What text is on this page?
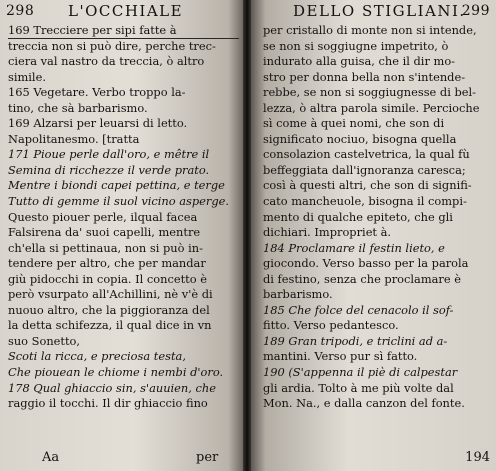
298 L'OCCHIALE
169 Trecciere per sipi fatte à
treccia non si può dire, perche trec-
ciera val nastro da treccia, ò altro
simile.
165 Vegetare. Verbo troppo la-
tino, che sà barbarismo.
169 Alzarsi per leuarsi di letto.
Napolitanesmo. [tratta
171 Pioue perle dall'oro, e mêtre il
Semina di ricchezze il verde prato.
Mentre i biondi capei pettina, e terge
Tutto di gemme il suol vicino asperge.
Questo piouer perle, ilqual facea
Falsirena da' suoi capelli, mentre
ch'ella si pettinaua, non si può in-
tendere per altro, che per mandar
giù pidocchi in copia. Il concetto è
però vsurpato all'Achillini, nè v'è di
nuouo altro, che la piggioranza del
la detta schifezza, il qual dice in vn
suo Sonetto,
Scoti la ricca, e preciosa testa,
Che piouean le chiome i nembi d'oro.
178 Qual ghiaccio sin, s'auuien, che
raggio il tocchi. Il dir ghiaccio fino
Aa	per
DELLO STIGLIANI.
299
per cristallo di monte non si intende,
se non si soggiugne impetrito, ò
indurato alla guisa, che il dir mo-
stro per donna bella non s'intende-
rebbe, se non si soggiugnesse di bel-
lezza, ò altra parola simile. Percioche
sì come à quei nomi, che son di
significato nociuo, bisogna quella
consolazion castelvetrica, la qual fù
beffeggiata dall'ignoranza caresca;
così à questi altri, che son di signifi-
cato mancheuole, bisogna il compi-
mento di qualche epiteto, che gli
dichiari. Impropriet à.
184 Proclamare il festin lieto, e
giocondo. Verso basso per la parola
di festino, senza che proclamare è
barbarismo.
185 Che folce del cenacolo il sof-
fitto. Verso pedantesco.
189 Gran tripodi, e triclini ad a-
mantini. Verso pur sì fatto.
190 (S'appenna il piè di calpestar
gli ardia. Tolto à me più volte dal
Mon. Na., e dalla canzon del fonte.
194
